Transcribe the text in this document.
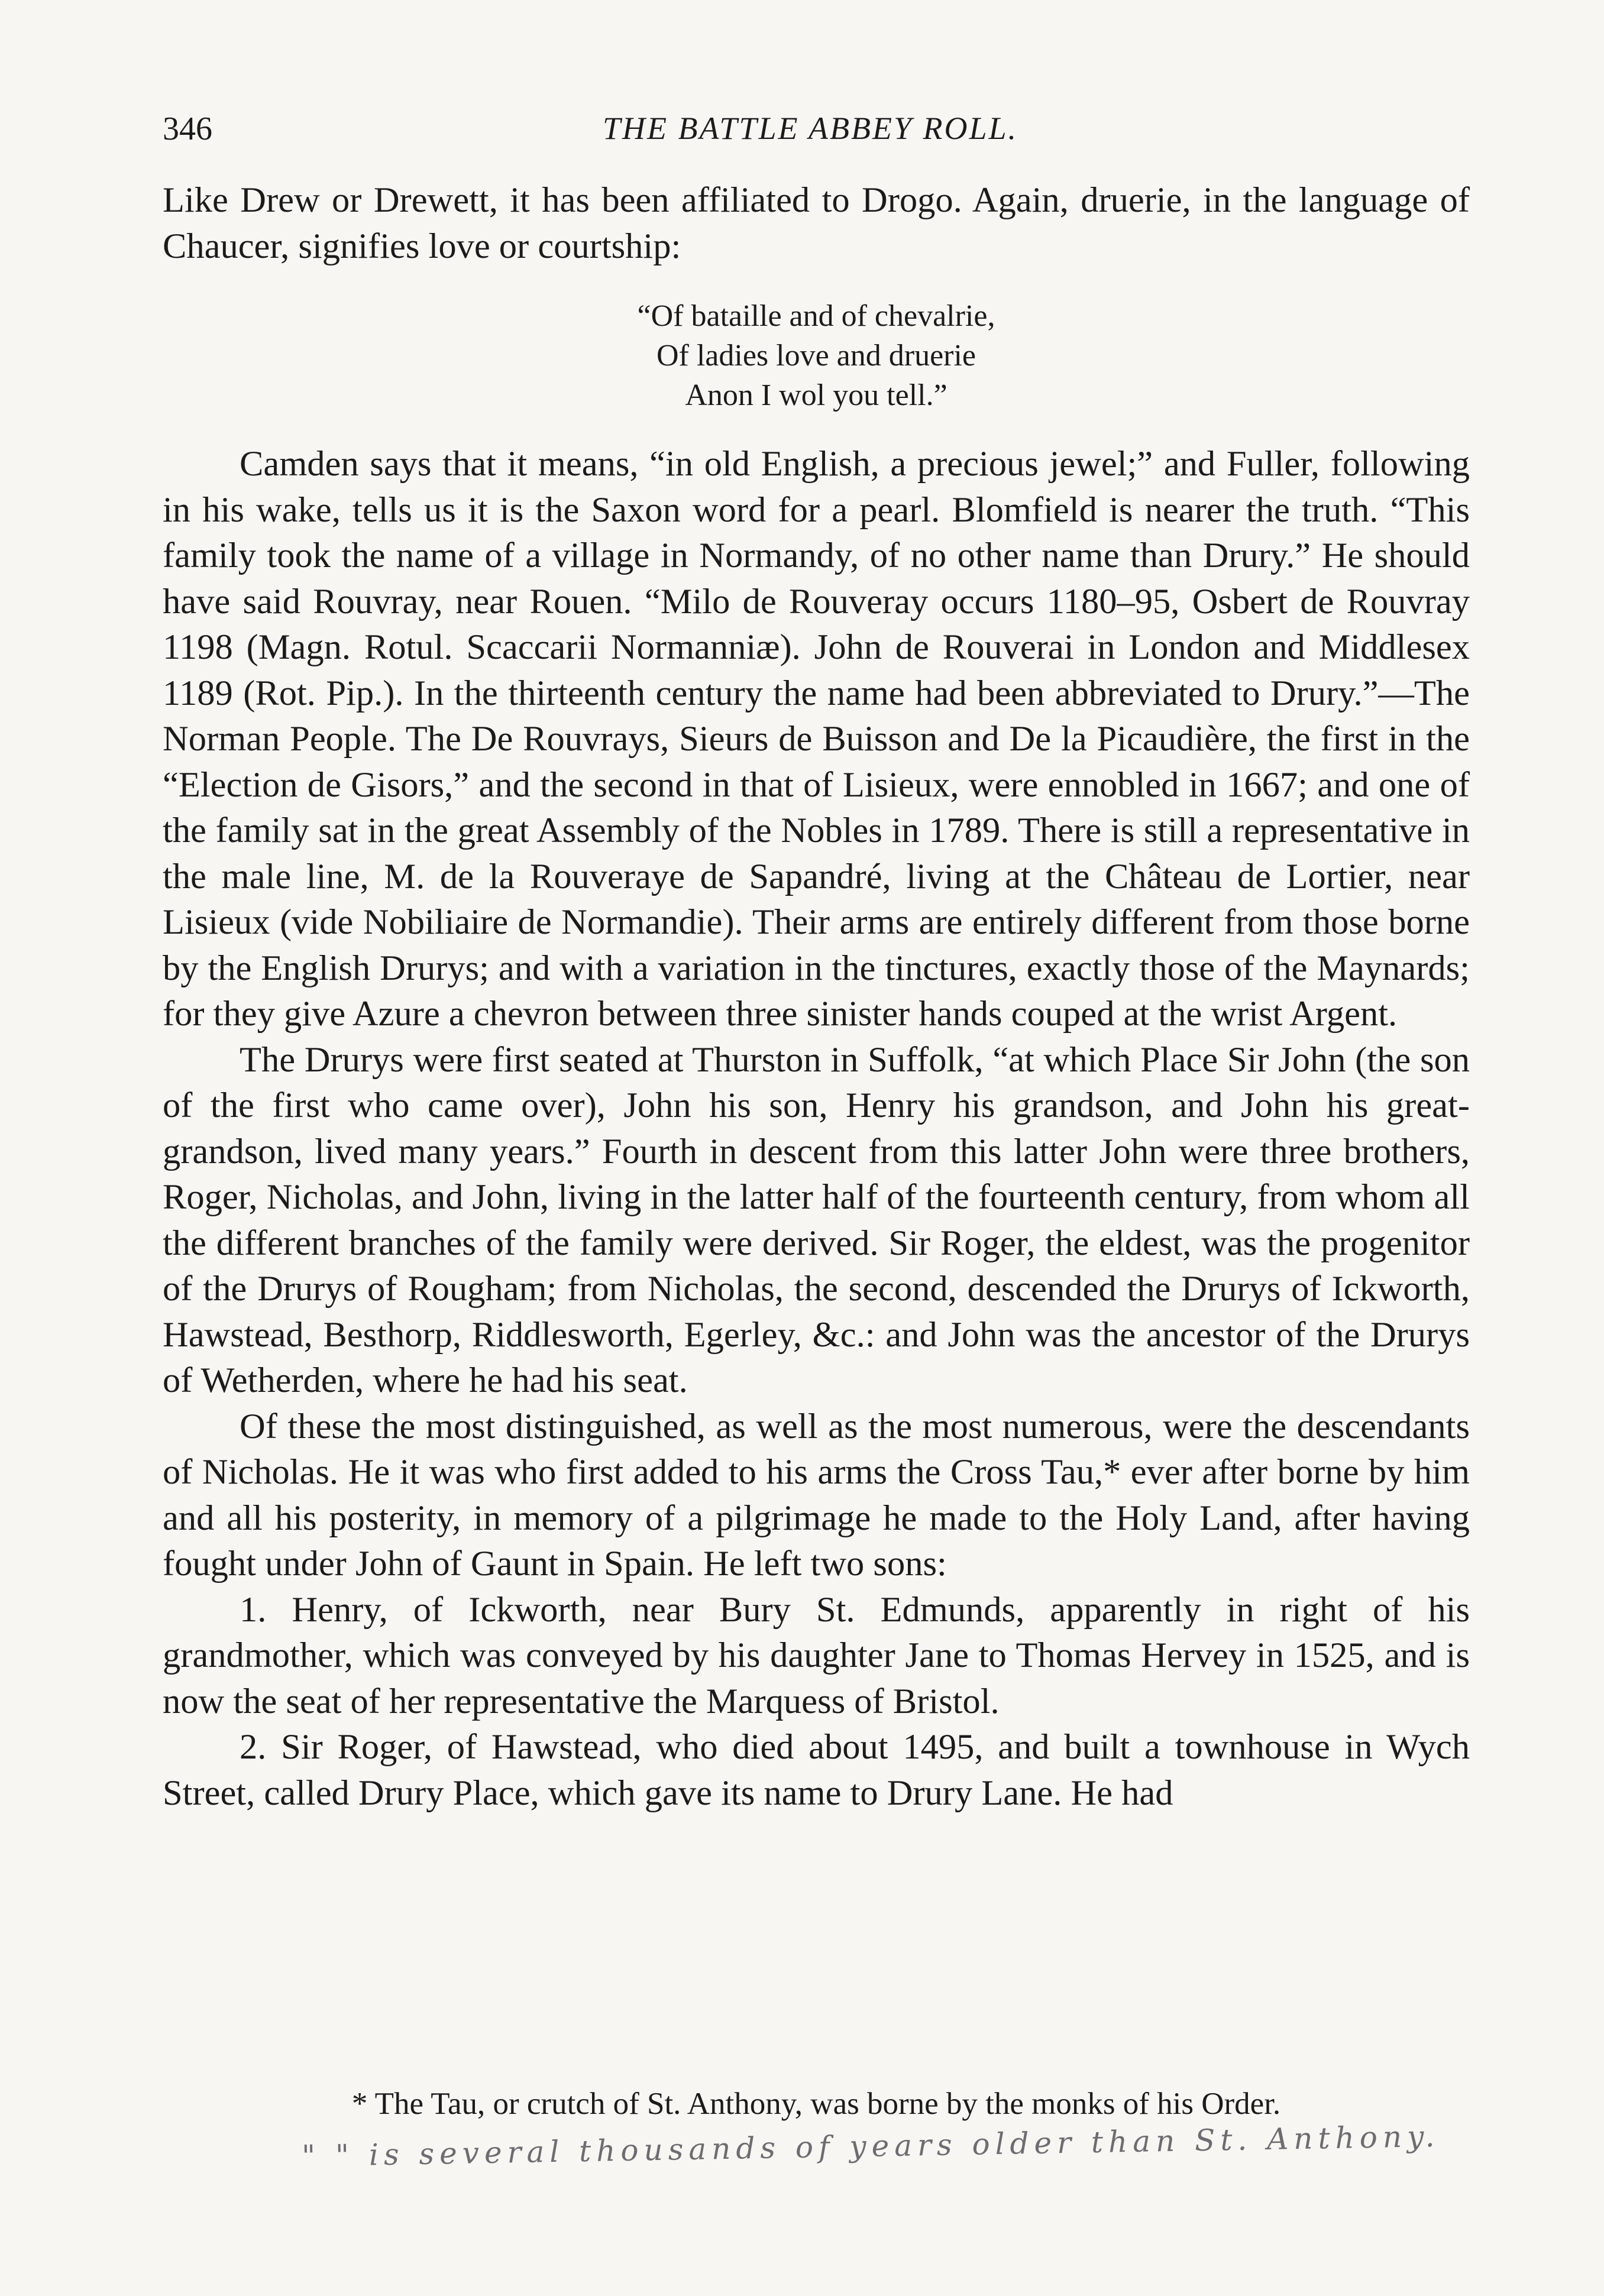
346	THE BATTLE ABBEY ROLL.

Like Drew or Drewett, it has been affiliated to Drogo. Again, druerie, in the language of Chaucer, signifies love or courtship:

“Of bataille and of chevalrie,
Of ladies love and druerie
Anon I wol you tell.”

Camden says that it means, “in old English, a precious jewel;” and Fuller, following in his wake, tells us it is the Saxon word for a pearl. Blomfield is nearer the truth. “This family took the name of a village in Normandy, of no other name than Drury.” He should have said Rouvray, near Rouen. “Milo de Rouveray occurs 1180–95, Osbert de Rouvray 1198 (Magn. Rotul. Scaccarii Normanniæ). John de Rouverai in London and Middlesex 1189 (Rot. Pip.). In the thirteenth century the name had been abbreviated to Drury.”—The Norman People. The De Rouvrays, Sieurs de Buisson and De la Picaudière, the first in the “Election de Gisors,” and the second in that of Lisieux, were ennobled in 1667; and one of the family sat in the great Assembly of the Nobles in 1789. There is still a representative in the male line, M. de la Rouveraye de Sapandré, living at the Château de Lortier, near Lisieux (vide Nobiliaire de Normandie). Their arms are entirely different from those borne by the English Drurys; and with a variation in the tinctures, exactly those of the Maynards; for they give Azure a chevron between three sinister hands couped at the wrist Argent.

The Drurys were first seated at Thurston in Suffolk, “at which Place Sir John (the son of the first who came over), John his son, Henry his grandson, and John his great-grandson, lived many years.” Fourth in descent from this latter John were three brothers, Roger, Nicholas, and John, living in the latter half of the fourteenth century, from whom all the different branches of the family were derived. Sir Roger, the eldest, was the progenitor of the Drurys of Rougham; from Nicholas, the second, descended the Drurys of Ickworth, Hawstead, Besthorp, Riddlesworth, Egerley, &c.: and John was the ancestor of the Drurys of Wetherden, where he had his seat.

Of these the most distinguished, as well as the most numerous, were the descendants of Nicholas. He it was who first added to his arms the Cross Tau,* ever after borne by him and all his posterity, in memory of a pilgrimage he made to the Holy Land, after having fought under John of Gaunt in Spain. He left two sons:

1. Henry, of Ickworth, near Bury St. Edmunds, apparently in right of his grandmother, which was conveyed by his daughter Jane to Thomas Hervey in 1525, and is now the seat of her representative the Marquess of Bristol.

2. Sir Roger, of Hawstead, who died about 1495, and built a townhouse in Wych Street, called Drury Place, which gave its name to Drury Lane. He had

* The Tau, or crutch of St. Anthony, was borne by the monks of his Order.
" " is several thousands of years older than St. Anthony.
